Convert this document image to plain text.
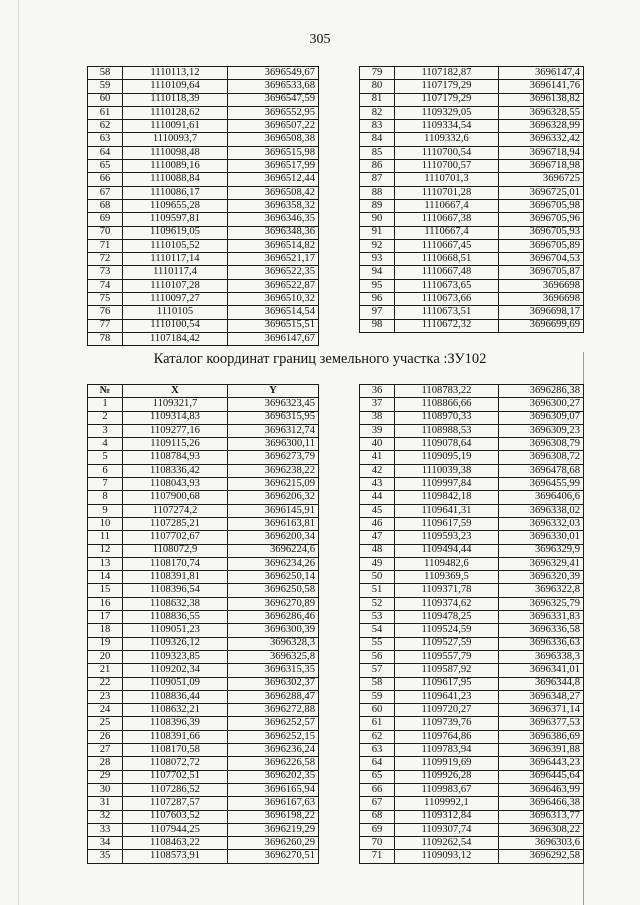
305
58	1110113,12	3696549,67
59	1110109,64	3696533,68
60	1110118,39	3696547,59
61	1110128,62	3696552,95
62	1110091,61	3696507,22
63	1110093,7	3696508,38
64	1110098,48	3696515,98
65	1110089,16	3696517,99
66	1110088,84	3696512,44
67	1110086,17	3696508,42
68	1109655,28	3696358,32
69	1109597,81	3696346,35
70	1109619,05	3696348,36
71	1110105,52	3696514,82
72	1110117,14	3696521,17
73	1110117,4	3696522,35
74	1110107,28	3696522,87
75	1110097,27	3696510,32
76	1110105	3696514,54
77	1110100,54	3696515,51
78	1107184,42	3696147,67
79	1107182,87	3696147,4
80	1107179,29	3696141,76
81	1107179,29	3696138,82
82	1109329,05	3696328,55
83	1109334,54	3696328,99
84	1109332,6	3696332,42
85	1110700,54	3696718,94
86	1110700,57	3696718,98
87	1110701,3	3696725
88	1110701,28	3696725,01
89	1110667,4	3696705,98
90	1110667,38	3696705,96
91	1110667,4	3696705,93
92	1110667,45	3696705,89
93	1110668,51	3696704,53
94	1110667,48	3696705,87
95	1110673,65	3696698
96	1110673,66	3696698
97	1110673,51	3696698,17
98	1110672,32	3696699,69
Каталог координат границ земельного участка :ЗУ102
№	X	Y
1	1109321,7	3696323,45
2	1109314,83	3696315,95
3	1109277,16	3696312,74
4	1109115,26	3696300,11
5	1108784,93	3696273,79
6	1108336,42	3696238,22
7	1108043,93	3696215,09
8	1107900,68	3696206,32
9	1107274,2	3696145,91
10	1107285,21	3696163,81
11	1107702,67	3696200,34
12	1108072,9	3696224,6
13	1108170,74	3696234,26
14	1108391,81	3696250,14
15	1108396,54	3696250,58
16	1108632,38	3696270,89
17	1108836,55	3696286,46
18	1109051,23	3696300,39
19	1109326,12	3696328,3
20	1109323,85	3696325,8
21	1109202,34	3696315,35
22	1109051,09	3696302,37
23	1108836,44	3696288,47
24	1108632,21	3696272,88
25	1108396,39	3696252,57
26	1108391,66	3696252,15
27	1108170,58	3696236,24
28	1108072,72	3696226,58
29	1107702,51	3696202,35
30	1107286,52	3696165,94
31	1107287,57	3696167,63
32	1107603,52	3696198,22
33	1107944,25	3696219,29
34	1108463,22	3696260,29
35	1108573,91	3696270,51
36	1108783,22	3696286,38
37	1108866,66	3696300,27
38	1108970,33	3696309,07
39	1108988,53	3696309,23
40	1109078,64	3696308,79
41	1109095,19	3696308,72
42	1110039,38	3696478,68
43	1109997,84	3696455,99
44	1109842,18	3696406,6
45	1109641,31	3696338,02
46	1109617,59	3696332,03
47	1109593,23	3696330,01
48	1109494,44	3696329,9
49	1109482,6	3696329,41
50	1109369,5	3696320,39
51	1109371,78	3696322,8
52	1109374,62	3696325,79
53	1109478,25	3696331,83
54	1109524,59	3696336,58
55	1109527,59	3696336,63
56	1109557,79	3696338,3
57	1109587,92	3696341,01
58	1109617,95	3696344,8
59	1109641,23	3696348,27
60	1109720,27	3696371,14
61	1109739,76	3696377,53
62	1109764,86	3696386,69
63	1109783,94	3696391,88
64	1109919,69	3696443,23
65	1109926,28	3696445,64
66	1109983,67	3696463,99
67	1109992,1	3696466,38
68	1109312,84	3696313,77
69	1109307,74	3696308,22
70	1109262,54	3696303,6
71	1109093,12	3696292,58
